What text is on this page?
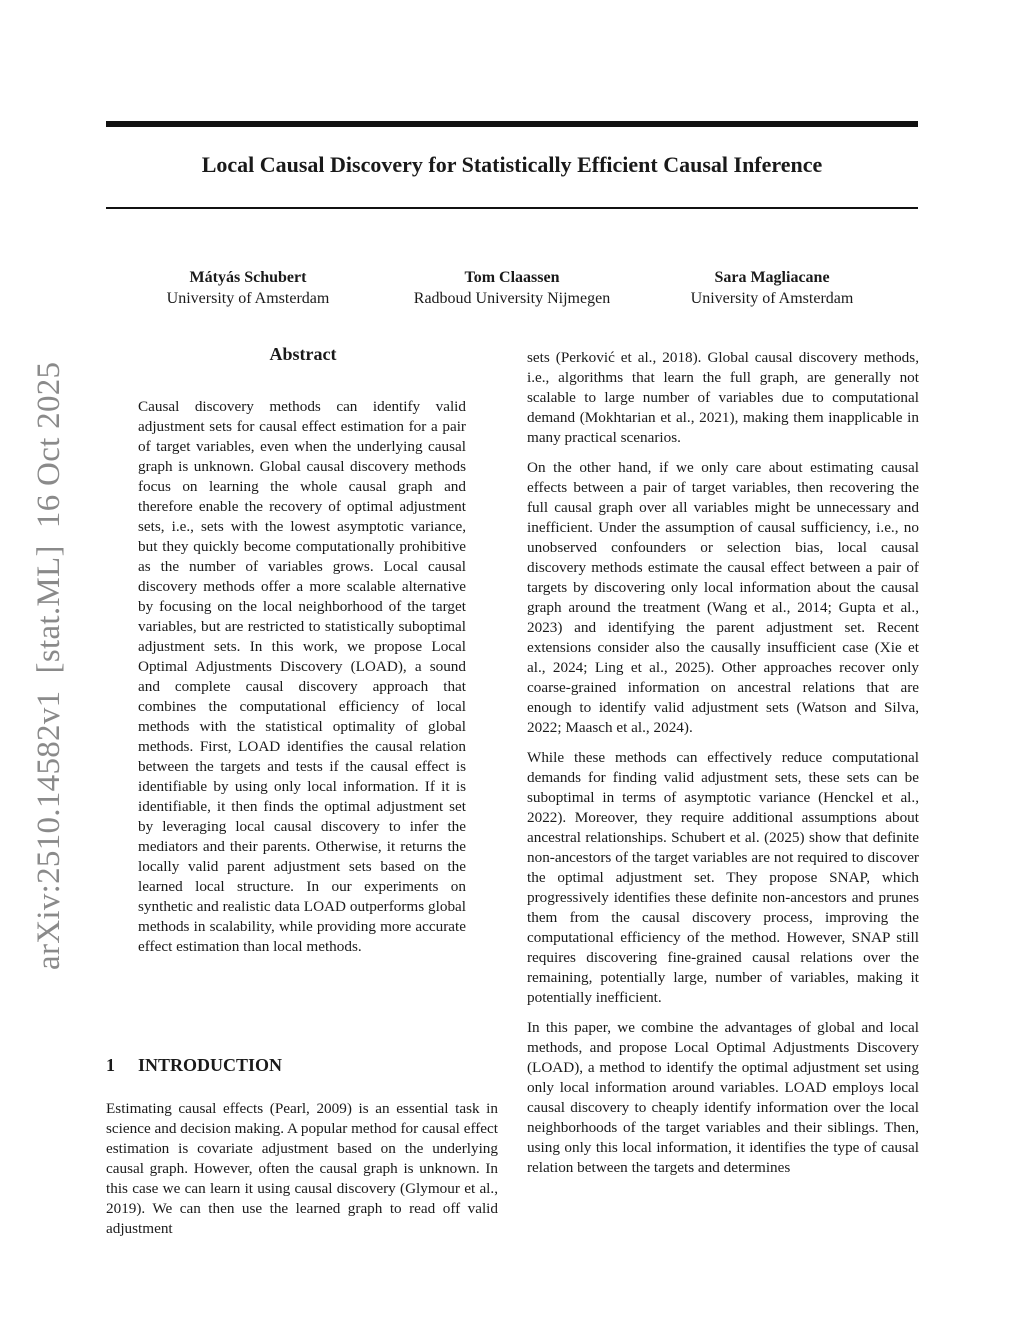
Local Causal Discovery for Statistically Efficient Causal Inference
Mátyás Schubert
University of Amsterdam
Tom Claassen
Radboud University Nijmegen
Sara Magliacane
University of Amsterdam
arXiv:2510.14582v1  [stat.ML]  16 Oct 2025
Abstract

Causal discovery methods can identify valid adjustment sets for causal effect estimation for a pair of target variables, even when the underlying causal graph is unknown. Global causal discovery methods focus on learning the whole causal graph and therefore enable the recovery of optimal adjustment sets, i.e., sets with the lowest asymptotic variance, but they quickly become computationally prohibitive as the number of variables grows. Local causal discovery methods offer a more scalable alternative by focusing on the local neighborhood of the target variables, but are restricted to statistically suboptimal adjustment sets. In this work, we propose Local Optimal Adjustments Discovery (LOAD), a sound and complete causal discovery approach that combines the computational efficiency of local methods with the statistical optimality of global methods. First, LOAD identifies the causal relation between the targets and tests if the causal effect is identifiable by using only local information. If it is identifiable, it then finds the optimal adjustment set by leveraging local causal discovery to infer the mediators and their parents. Otherwise, it returns the locally valid parent adjustment sets based on the learned local structure. In our experiments on synthetic and realistic data LOAD outperforms global methods in scalability, while providing more accurate effect estimation than local methods.

1 INTRODUCTION

Estimating causal effects (Pearl, 2009) is an essential task in science and decision making. A popular method for causal effect estimation is covariate adjustment based on the underlying causal graph. However, often the causal graph is unknown. In this case we can learn it using causal discovery (Glymour et al., 2019). We can then use the learned graph to read off valid adjustment

sets (Perković et al., 2018). Global causal discovery methods, i.e., algorithms that learn the full graph, are generally not scalable to large number of variables due to computational demand (Mokhtarian et al., 2021), making them inapplicable in many practical scenarios.

On the other hand, if we only care about estimating causal effects between a pair of target variables, then recovering the full causal graph over all variables might be unnecessary and inefficient. Under the assumption of causal sufficiency, i.e., no unobserved confounders or selection bias, local causal discovery methods estimate the causal effect between a pair of targets by discovering only local information about the causal graph around the treatment (Wang et al., 2014; Gupta et al., 2023) and identifying the parent adjustment set. Recent extensions consider also the causally insufficient case (Xie et al., 2024; Ling et al., 2025). Other approaches recover only coarse-grained information on ancestral relations that are enough to identify valid adjustment sets (Watson and Silva, 2022; Maasch et al., 2024).

While these methods can effectively reduce computational demands for finding valid adjustment sets, these sets can be suboptimal in terms of asymptotic variance (Henckel et al., 2022). Moreover, they require additional assumptions about ancestral relationships. Schubert et al. (2025) show that definite non-ancestors of the target variables are not required to discover the optimal adjustment set. They propose SNAP, which progressively identifies these definite non-ancestors and prunes them from the causal discovery process, improving the computational efficiency of the method. However, SNAP still requires discovering fine-grained causal relations over the remaining, potentially large, number of variables, making it potentially inefficient.

In this paper, we combine the advantages of global and local methods, and propose Local Optimal Adjustments Discovery (LOAD), a method to identify the optimal adjustment set using only local information around variables. LOAD employs local causal discovery to cheaply identify information over the local neighborhoods of the target variables and their siblings. Then, using only this local information, it identifies the type of causal relation between the targets and determines
